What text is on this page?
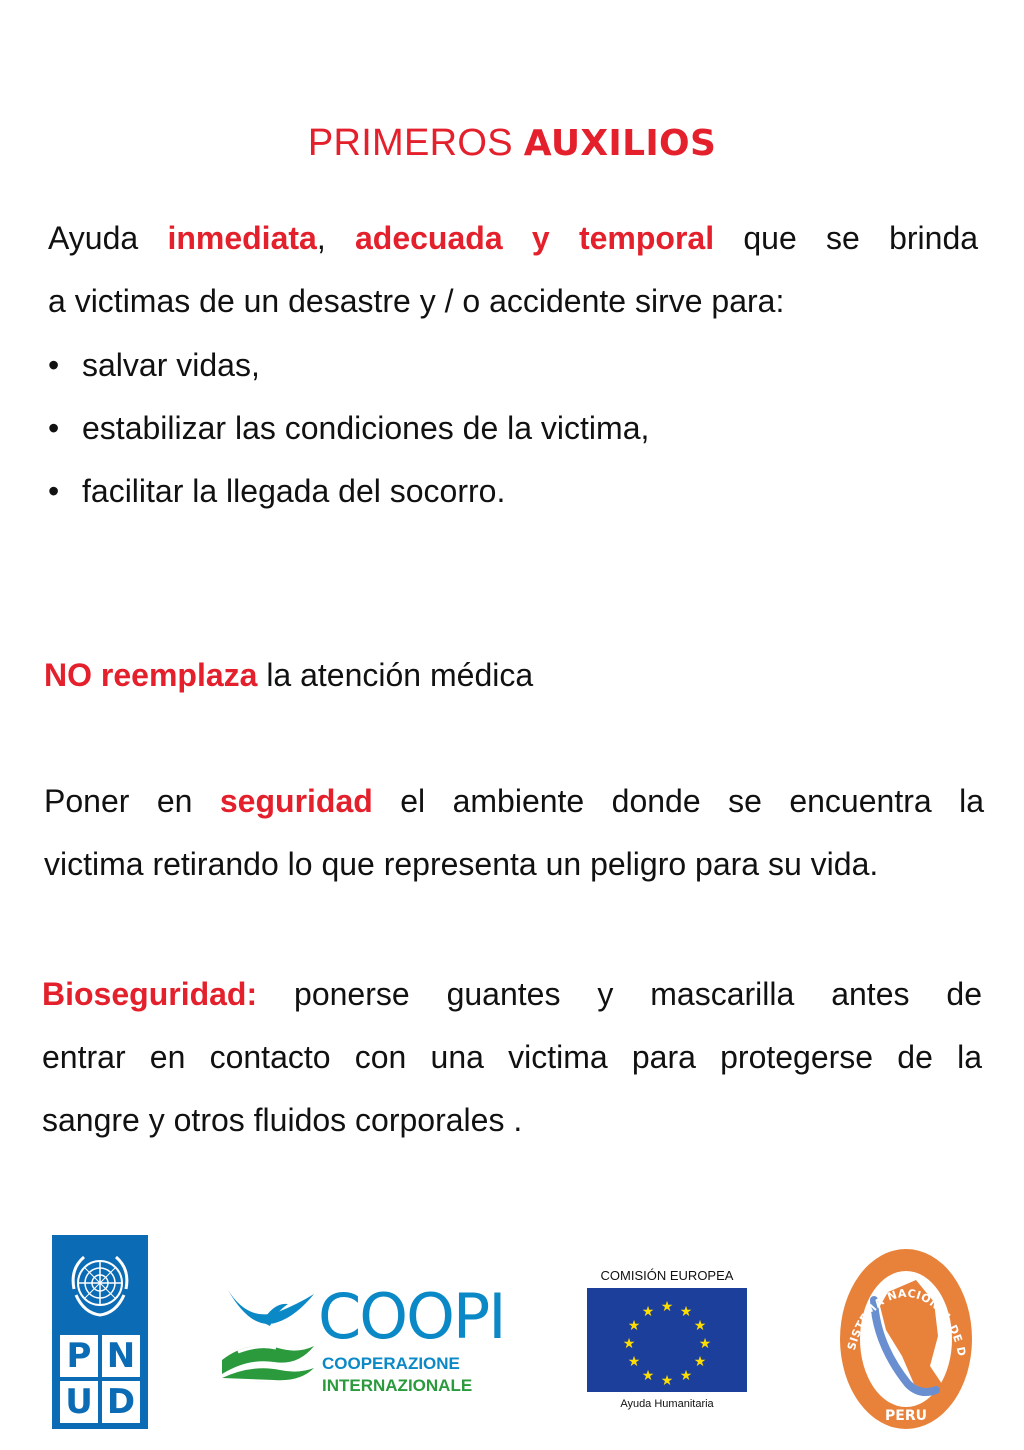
PRIMEROS AUXILIOS
Ayuda inmediata, adecuada y temporal que se brinda
a victimas de un desastre y / o accidente sirve para:
• salvar vidas,
• estabilizar las condiciones de la victima,
• facilitar la llegada del socorro.
NO reemplaza la atención médica
Poner en seguridad el ambiente donde se encuentra la
victima retirando lo que representa un peligro para su vida.
Bioseguridad: ponerse guantes y mascarilla antes de
entrar en contacto con una victima para protegerse de la
sangre y otros fluidos corporales .
P N
U D
COOPI
COOPERAZIONE
INTERNAZIONALE
COMISIÓN EUROPEA
★ ★
★
★
★
★
★
★
★
★
★
★
Ayuda Humanitaria
SISTEMA NACIONAL DE D
PERU
